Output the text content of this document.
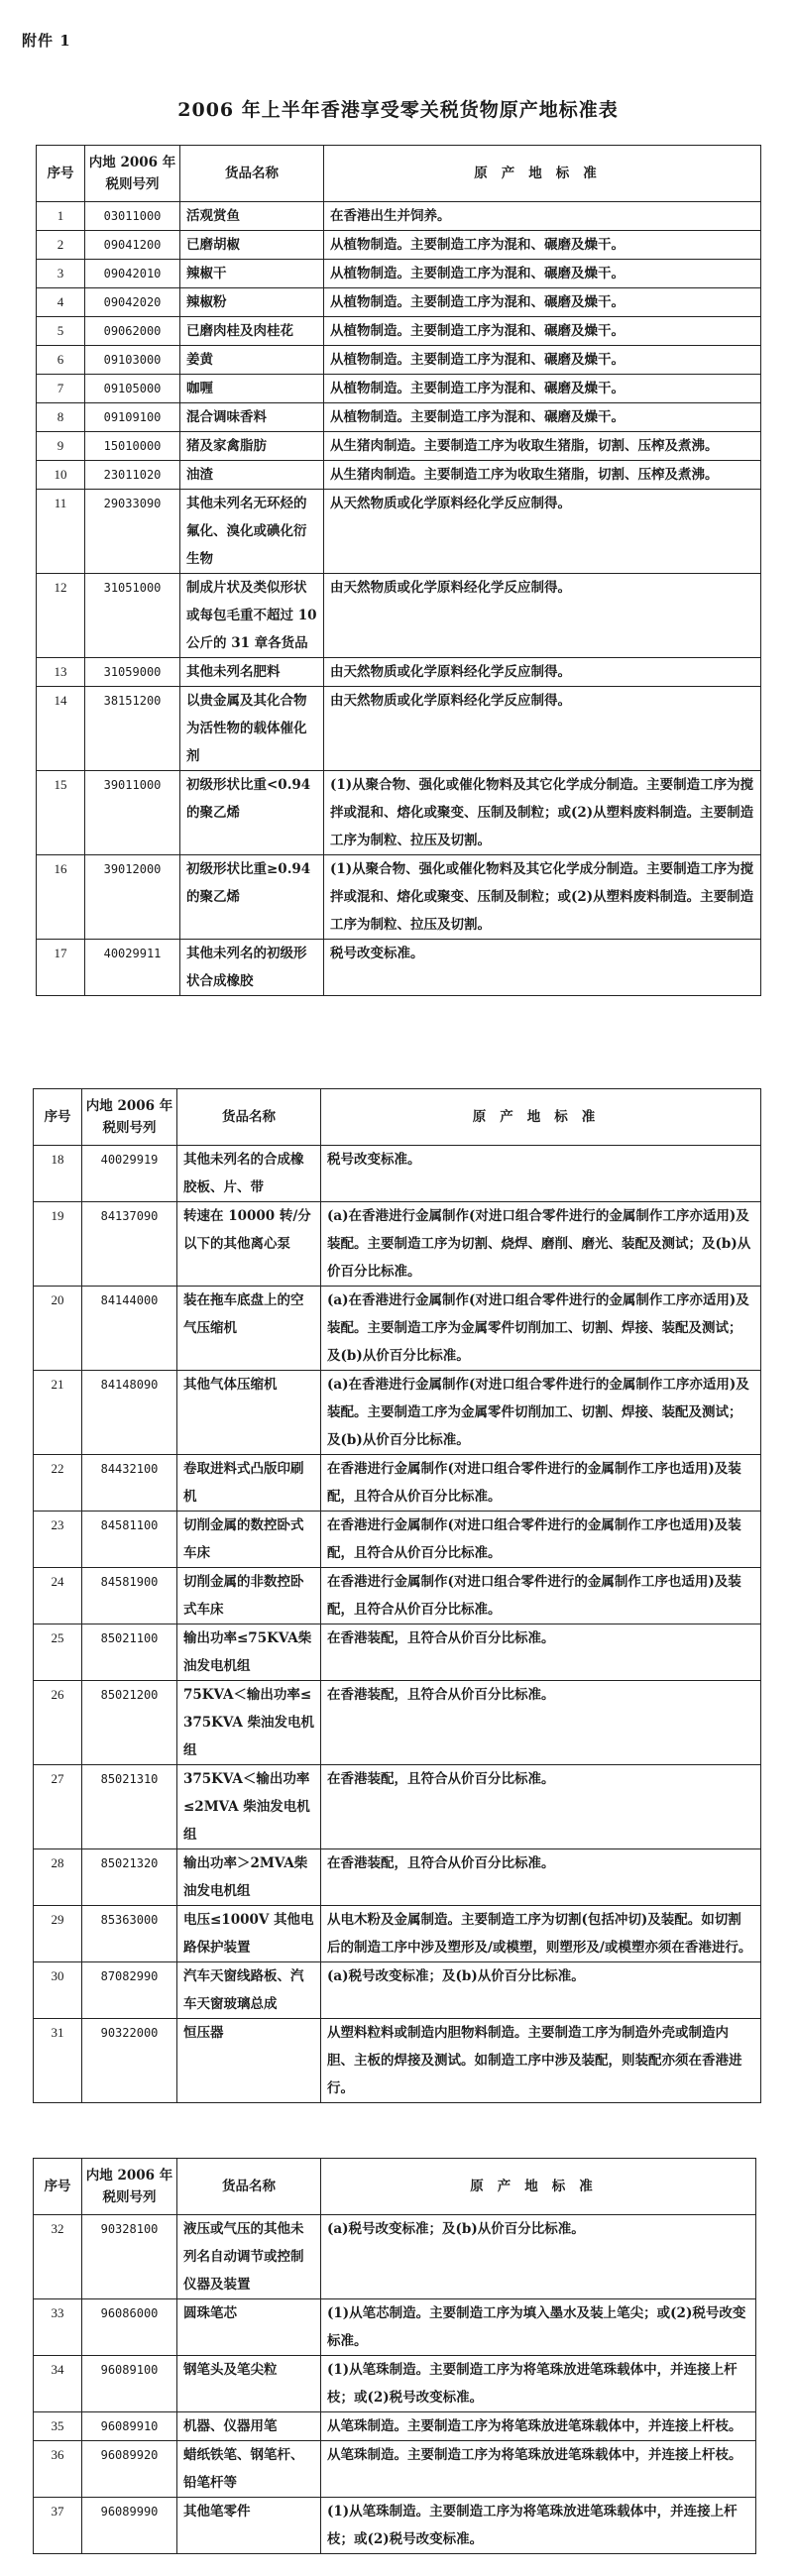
附件 1
2006 年上半年香港享受零关税货物原产地标准表
序号	内地 2006 年税则号列	货品名称	原产地标准
1	03011000	活观赏鱼	在香港出生并饲养。
2	09041200	已磨胡椒	从植物制造。主要制造工序为混和、碾磨及燥干。
3	09042010	辣椒干	从植物制造。主要制造工序为混和、碾磨及燥干。
4	09042020	辣椒粉	从植物制造。主要制造工序为混和、碾磨及燥干。
5	09062000	已磨肉桂及肉桂花	从植物制造。主要制造工序为混和、碾磨及燥干。
6	09103000	姜黄	从植物制造。主要制造工序为混和、碾磨及燥干。
7	09105000	咖喱	从植物制造。主要制造工序为混和、碾磨及燥干。
8	09109100	混合调味香料	从植物制造。主要制造工序为混和、碾磨及燥干。
9	15010000	猪及家禽脂肪	从生猪肉制造。主要制造工序为收取生猪脂，切割、压榨及煮沸。
10	23011020	油渣	从生猪肉制造。主要制造工序为收取生猪脂，切割、压榨及煮沸。
11	29033090	其他未列名无环烃的氟化、溴化或碘化衍生物	从天然物质或化学原料经化学反应制得。
12	31051000	制成片状及类似形状或每包毛重不超过 10 公斤的 31 章各货品	由天然物质或化学原料经化学反应制得。
13	31059000	其他未列名肥料	由天然物质或化学原料经化学反应制得。
14	38151200	以贵金属及其化合物为活性物的载体催化剂	由天然物质或化学原料经化学反应制得。
15	39011000	初级形状比重<0.94的聚乙烯	(1)从聚合物、强化或催化物料及其它化学成分制造。主要制造工序为搅拌或混和、熔化或聚变、压制及制粒；或(2)从塑料废料制造。主要制造工序为制粒、拉压及切割。
16	39012000	初级形状比重≥0.94的聚乙烯	(1)从聚合物、强化或催化物料及其它化学成分制造。主要制造工序为搅拌或混和、熔化或聚变、压制及制粒；或(2)从塑料废料制造。主要制造工序为制粒、拉压及切割。
17	40029911	其他未列名的初级形状合成橡胶	税号改变标准。
序号	内地 2006 年税则号列	货品名称	原产地标准
18	40029919	其他未列名的合成橡胶板、片、带	税号改变标准。
19	84137090	转速在 10000 转/分以下的其他离心泵	(a)在香港进行金属制作(对进口组合零件进行的金属制作工序亦适用)及装配。主要制造工序为切割、烧焊、磨削、磨光、装配及测试；及(b)从价百分比标准。
20	84144000	装在拖车底盘上的空气压缩机	(a)在香港进行金属制作(对进口组合零件进行的金属制作工序亦适用)及装配。主要制造工序为金属零件切削加工、切割、焊接、装配及测试；及(b)从价百分比标准。
21	84148090	其他气体压缩机	(a)在香港进行金属制作(对进口组合零件进行的金属制作工序亦适用)及装配。主要制造工序为金属零件切削加工、切割、焊接、装配及测试；及(b)从价百分比标准。
22	84432100	卷取进料式凸版印刷机	在香港进行金属制作(对进口组合零件进行的金属制作工序也适用)及装配，且符合从价百分比标准。
23	84581100	切削金属的数控卧式车床	在香港进行金属制作(对进口组合零件进行的金属制作工序也适用)及装配，且符合从价百分比标准。
24	84581900	切削金属的非数控卧式车床	在香港进行金属制作(对进口组合零件进行的金属制作工序也适用)及装配，且符合从价百分比标准。
25	85021100	输出功率≤75KVA柴油发电机组	在香港装配，且符合从价百分比标准。
26	85021200	75KVA＜输出功率≤375KVA 柴油发电机组	在香港装配，且符合从价百分比标准。
27	85021310	375KVA＜输出功率≤2MVA 柴油发电机组	在香港装配，且符合从价百分比标准。
28	85021320	输出功率＞2MVA柴油发电机组	在香港装配，且符合从价百分比标准。
29	85363000	电压≤1000V 其他电路保护装置	从电木粉及金属制造。主要制造工序为切割(包括冲切)及装配。如切割后的制造工序中涉及塑形及/或模塑，则塑形及/或模塑亦须在香港进行。
30	87082990	汽车天窗线路板、汽车天窗玻璃总成	(a)税号改变标准；及(b)从价百分比标准。
31	90322000	恒压器	从塑料粒料或制造内胆物料制造。主要制造工序为制造外壳或制造内胆、主板的焊接及测试。如制造工序中涉及装配，则装配亦须在香港进行。
序号	内地 2006 年税则号列	货品名称	原产地标准
32	90328100	液压或气压的其他未列名自动调节或控制仪器及装置	(a)税号改变标准；及(b)从价百分比标准。
33	96086000	圆珠笔芯	(1)从笔芯制造。主要制造工序为填入墨水及装上笔尖；或(2)税号改变标准。
34	96089100	钢笔头及笔尖粒	(1)从笔珠制造。主要制造工序为将笔珠放进笔珠载体中，并连接上杆枝；或(2)税号改变标准。
35	96089910	机器、仪器用笔	从笔珠制造。主要制造工序为将笔珠放进笔珠载体中，并连接上杆枝。
36	96089920	蜡纸铁笔、钢笔杆、铅笔杆等	从笔珠制造。主要制造工序为将笔珠放进笔珠载体中，并连接上杆枝。
37	96089990	其他笔零件	(1)从笔珠制造。主要制造工序为将笔珠放进笔珠载体中，并连接上杆枝；或(2)税号改变标准。
